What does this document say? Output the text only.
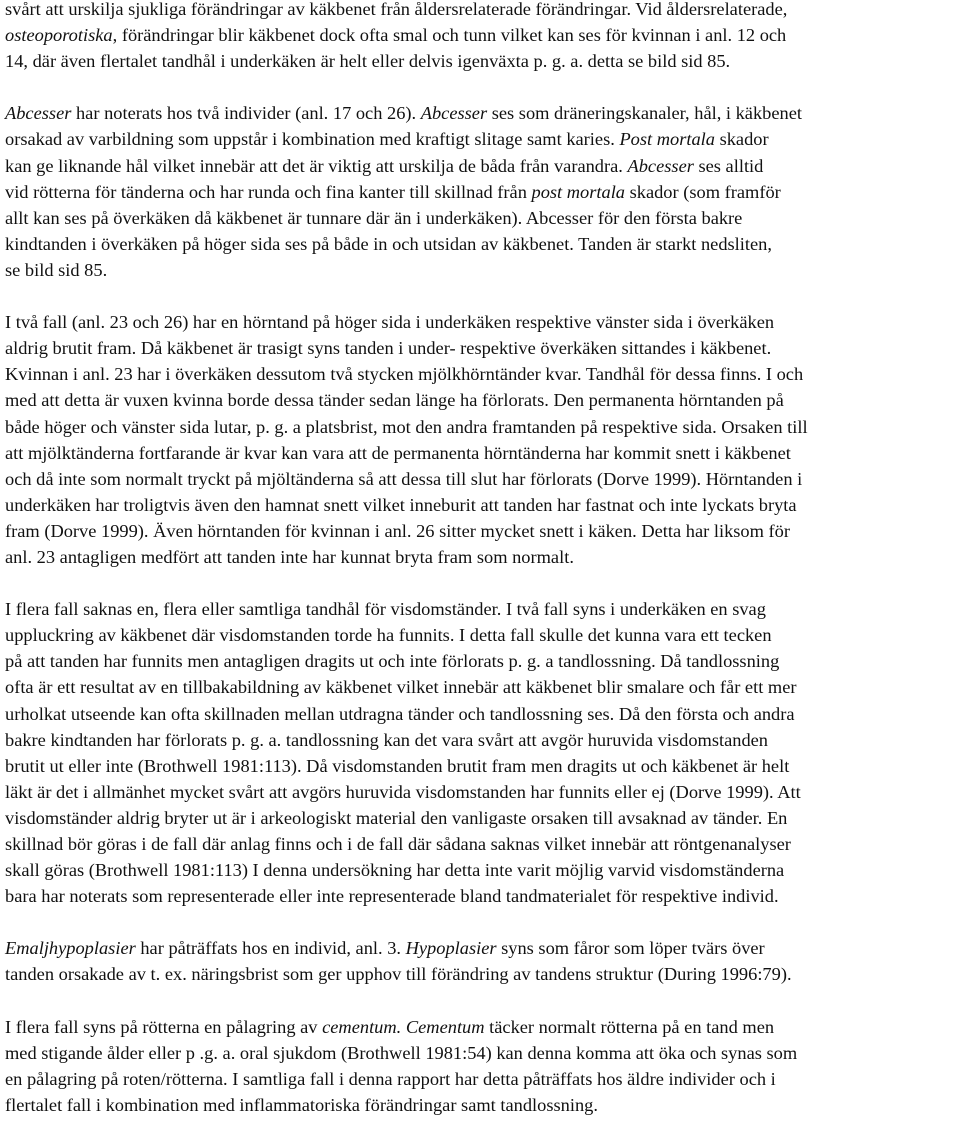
svårt att urskilja sjukliga förändringar av käkbenet från åldersrelaterade förändringar. Vid åldersrelaterade,
osteoporotiska, förändringar blir käkbenet dock ofta smal och tunn vilket kan ses för kvinnan i anl. 12 och
14, där även flertalet tandhål i underkäken är helt eller delvis igenväxta p. g. a. detta se bild sid 85.
Abcesser har noterats hos två individer (anl. 17 och 26). Abcesser ses som dräneringskanaler, hål, i käkbenet
orsakad av varbildning som uppstår i kombination med kraftigt slitage samt karies. Post mortala skador
kan ge liknande hål vilket innebär att det är viktig att urskilja de båda från varandra. Abcesser ses alltid
vid rötterna för tänderna och har runda och fina kanter till skillnad från post mortala skador (som framför
allt kan ses på överkäken då käkbenet är tunnare där än i underkäken). Abcesser för den första bakre
kindtanden i överkäken på höger sida ses på både in och utsidan av käkbenet. Tanden är starkt nedsliten,
se bild sid 85.
I två fall (anl. 23 och 26) har en hörntand på höger sida i underkäken respektive vänster sida i överkäken
aldrig brutit fram. Då käkbenet är trasigt syns tanden i under- respektive överkäken sittandes i käkbenet.
Kvinnan i anl. 23 har i överkäken dessutom två stycken mjölkhörntänder kvar. Tandhål för dessa finns. I och
med att detta är vuxen kvinna borde dessa tänder sedan länge ha förlorats. Den permanenta hörntanden på
både höger och vänster sida lutar, p. g. a platsbrist, mot den andra framtanden på respektive sida. Orsaken till
att mjölktänderna fortfarande är kvar kan vara att de permanenta hörntänderna har kommit snett i käkbenet
och då inte som normalt tryckt på mjöltänderna så att dessa till slut har förlorats (Dorve 1999). Hörntanden i
underkäken har troligtvis även den hamnat snett vilket inneburit att tanden har fastnat och inte lyckats bryta
fram (Dorve 1999). Även hörntanden för kvinnan i anl. 26 sitter mycket snett i käken. Detta har liksom för
anl. 23 antagligen medfört att tanden inte har kunnat bryta fram som normalt.
I flera fall saknas en, flera eller samtliga tandhål för visdomständer. I två fall syns i underkäken en svag
uppluckring av käkbenet där visdomstanden torde ha funnits. I detta fall skulle det kunna vara ett tecken
på att tanden har funnits men antagligen dragits ut och inte förlorats p. g. a tandlossning. Då tandlossning
ofta är ett resultat av en tillbakabildning av käkbenet vilket innebär att käkbenet blir smalare och får ett mer
urholkat utseende kan ofta skillnaden mellan utdragna tänder och tandlossning ses. Då den första och andra
bakre kindtanden har förlorats p. g. a. tandlossning kan det vara svårt att avgör huruvida visdomstanden
brutit ut eller inte (Brothwell 1981:113). Då visdomstanden brutit fram men dragits ut och käkbenet är helt
läkt är det i allmänhet mycket svårt att avgörs huruvida visdomstanden har funnits eller ej (Dorve 1999). Att
visdomständer aldrig bryter ut är i arkeologiskt material den vanligaste orsaken till avsaknad av tänder. En
skillnad bör göras i de fall där anlag finns och i de fall där sådana saknas vilket innebär att röntgenanalyser
skall göras (Brothwell 1981:113) I denna undersökning har detta inte varit möjlig varvid visdomständerna
bara har noterats som representerade eller inte representerade bland tandmaterialet för respektive individ.
Emaljhypoplasier har påträffats hos en individ, anl. 3. Hypoplasier syns som fåror som löper tvärs över
tanden orsakade av t. ex. näringsbrist som ger upphov till förändring av tandens struktur (During 1996:79).
I flera fall syns på rötterna en pålagring av cementum. Cementum täcker normalt rötterna på en tand men
med stigande ålder eller p .g. a. oral sjukdom (Brothwell 1981:54) kan denna komma att öka och synas som
en pålagring på roten/rötterna. I samtliga fall i denna rapport har detta påträffats hos äldre individer och i
flertalet fall i kombination med inflammatoriska förändringar samt tandlossning.
